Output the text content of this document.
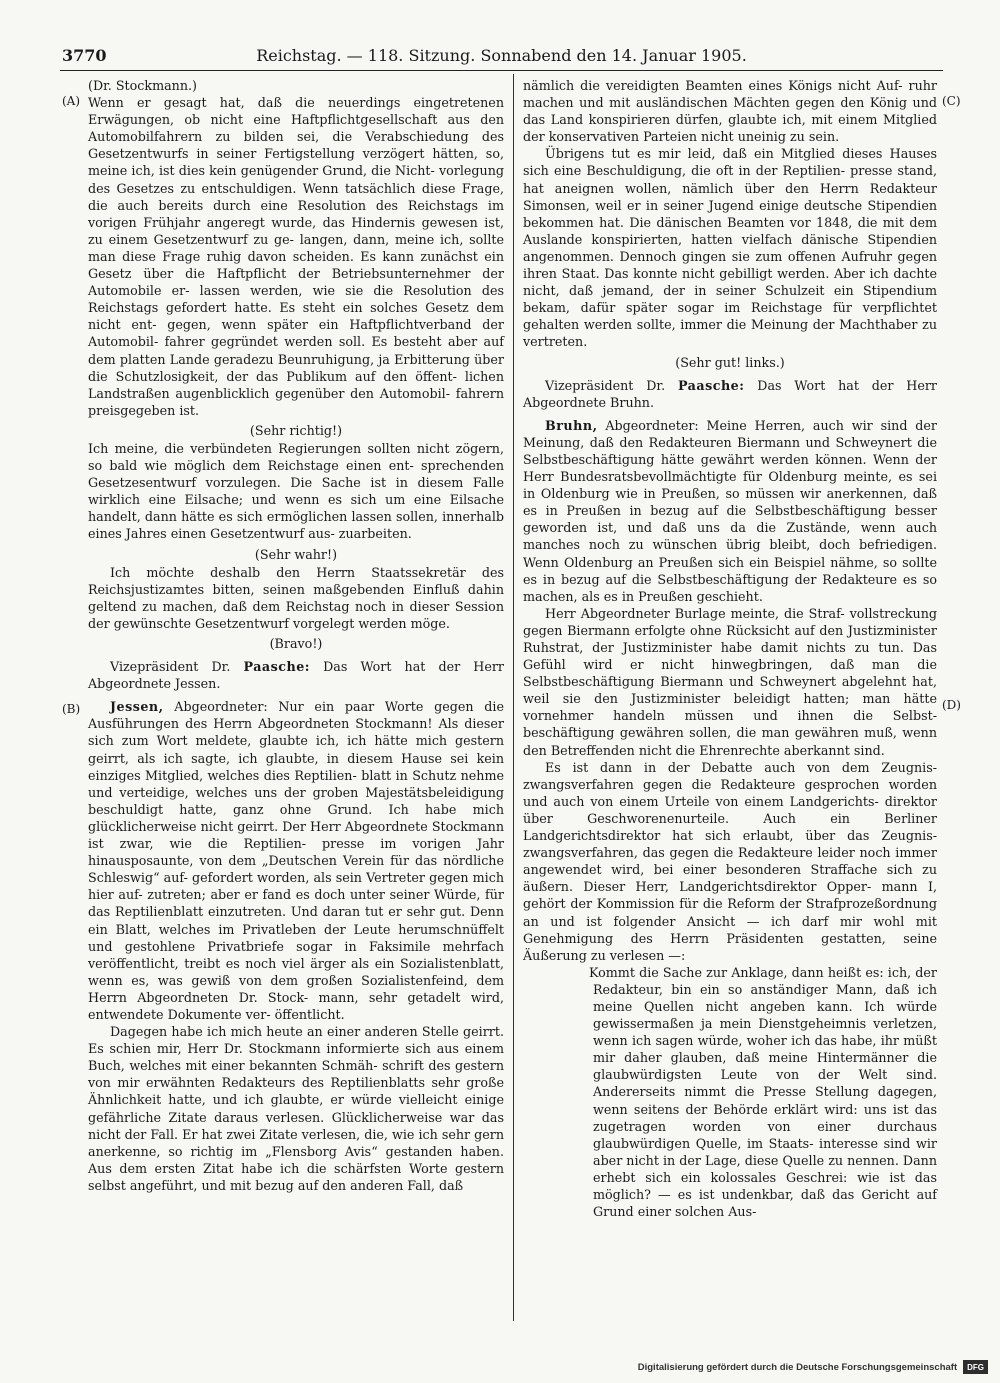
3770	Reichstag. — 118. Sitzung. Sonnabend den 14. Januar 1905.
(A)
(B)
(C)
(D)

(Dr. Stockmann.)

Wenn er gesagt hat, daß die neuerdings eingetretenen Erwägungen, ob nicht eine Haftpflichtgesellschaft aus den Automobilfahrern zu bilden sei, die Verabschiedung des Gesetzentwurfs in seiner Fertigstellung verzögert hätten, so, meine ich, ist dies kein genügender Grund, die Nicht- vorlegung des Gesetzes zu entschuldigen. Wenn tatsächlich diese Frage, die auch bereits durch eine Resolution des Reichstags im vorigen Frühjahr angeregt wurde, das Hindernis gewesen ist, zu einem Gesetzentwurf zu ge- langen, dann, meine ich, sollte man diese Frage ruhig davon scheiden. Es kann zunächst ein Gesetz über die Haftpflicht der Betriebsunternehmer der Automobile er- lassen werden, wie sie die Resolution des Reichstags gefordert hatte. Es steht ein solches Gesetz dem nicht ent- gegen, wenn später ein Haftpflichtverband der Automobil- fahrer gegründet werden soll. Es besteht aber auf dem platten Lande geradezu Beunruhigung, ja Erbitterung über die Schutzlosigkeit, der das Publikum auf den öffent- lichen Landstraßen augenblicklich gegenüber den Automobil- fahrern preisgegeben ist.

(Sehr richtig!)

Ich meine, die verbündeten Regierungen sollten nicht zögern, so bald wie möglich dem Reichstage einen ent- sprechenden Gesetzesentwurf vorzulegen. Die Sache ist in diesem Falle wirklich eine Eilsache; und wenn es sich um eine Eilsache handelt, dann hätte es sich ermöglichen lassen sollen, innerhalb eines Jahres einen Gesetzentwurf aus- zuarbeiten.

(Sehr wahr!)

Ich möchte deshalb den Herrn Staatssekretär des Reichsjustizamtes bitten, seinen maßgebenden Einfluß dahin geltend zu machen, daß dem Reichstag noch in dieser Session der gewünschte Gesetzentwurf vorgelegt werden möge.

(Bravo!)

Vizepräsident Dr. Paasche: Das Wort hat der Herr Abgeordnete Jessen.

Jessen, Abgeordneter: Nur ein paar Worte gegen die Ausführungen des Herrn Abgeordneten Stockmann! Als dieser sich zum Wort meldete, glaubte ich, ich hätte mich gestern geirrt, als ich sagte, ich glaubte, in diesem Hause sei kein einziges Mitglied, welches dies Reptilien- blatt in Schutz nehme und verteidige, welches uns der groben Majestätsbeleidigung beschuldigt hatte, ganz ohne Grund. Ich habe mich glücklicherweise nicht geirrt. Der Herr Abgeordnete Stockmann ist zwar, wie die Reptilien- presse im vorigen Jahr hinausposaunte, von dem „Deutschen Verein für das nördliche Schleswig“ auf- gefordert worden, als sein Vertreter gegen mich hier auf- zutreten; aber er fand es doch unter seiner Würde, für das Reptilienblatt einzutreten. Und daran tut er sehr gut. Denn ein Blatt, welches im Privatleben der Leute herumschnüffelt und gestohlene Privatbriefe sogar in Faksimile mehrfach veröffentlicht, treibt es noch viel ärger als ein Sozialistenblatt, wenn es, was gewiß von dem großen Sozialistenfeind, dem Herrn Abgeordneten Dr. Stock- mann, sehr getadelt wird, entwendete Dokumente ver- öffentlicht.

Dagegen habe ich mich heute an einer anderen Stelle geirrt. Es schien mir, Herr Dr. Stockmann informierte sich aus einem Buch, welches mit einer bekannten Schmäh- schrift des gestern von mir erwähnten Redakteurs des Reptilienblatts sehr große Ähnlichkeit hatte, und ich glaubte, er würde vielleicht einige gefährliche Zitate daraus verlesen. Glücklicherweise war das nicht der Fall. Er hat zwei Zitate verlesen, die, wie ich sehr gern anerkenne, so richtig im „Flensborg Avis“ gestanden haben. Aus dem ersten Zitat habe ich die schärfsten Worte gestern selbst angeführt, und mit bezug auf den anderen Fall, daß

nämlich die vereidigten Beamten eines Königs nicht Auf- ruhr machen und mit ausländischen Mächten gegen den König und das Land konspirieren dürfen, glaubte ich, mit einem Mitglied der konservativen Parteien nicht uneinig zu sein.

Übrigens tut es mir leid, daß ein Mitglied dieses Hauses sich eine Beschuldigung, die oft in der Reptilien- presse stand, hat aneignen wollen, nämlich über den Herrn Redakteur Simonsen, weil er in seiner Jugend einige deutsche Stipendien bekommen hat. Die dänischen Beamten vor 1848, die mit dem Auslande konspirierten, hatten vielfach dänische Stipendien angenommen. Dennoch gingen sie zum offenen Aufruhr gegen ihren Staat. Das konnte nicht gebilligt werden. Aber ich dachte nicht, daß jemand, der in seiner Schulzeit ein Stipendium bekam, dafür später sogar im Reichstage für verpflichtet gehalten werden sollte, immer die Meinung der Machthaber zu vertreten.

(Sehr gut! links.)

Vizepräsident Dr. Paasche: Das Wort hat der Herr Abgeordnete Bruhn.

Bruhn, Abgeordneter: Meine Herren, auch wir sind der Meinung, daß den Redakteuren Biermann und Schweynert die Selbstbeschäftigung hätte gewährt werden können. Wenn der Herr Bundesratsbevollmächtigte für Oldenburg meinte, es sei in Oldenburg wie in Preußen, so müssen wir anerkennen, daß es in Preußen in bezug auf die Selbstbeschäftigung besser geworden ist, und daß uns da die Zustände, wenn auch manches noch zu wünschen übrig bleibt, doch befriedigen. Wenn Oldenburg an Preußen sich ein Beispiel nähme, so sollte es in bezug auf die Selbstbeschäftigung der Redakteure es so machen, als es in Preußen geschieht.

Herr Abgeordneter Burlage meinte, die Straf- vollstreckung gegen Biermann erfolgte ohne Rücksicht auf den Justizminister Ruhstrat, der Justizminister habe damit nichts zu tun. Das Gefühl wird er nicht hinwegbringen, daß man die Selbstbeschäftigung Biermann und Schweynert abgelehnt hat, weil sie den Justizminister beleidigt hatten; man hätte vornehmer handeln müssen und ihnen die Selbst- beschäftigung gewähren sollen, die man gewähren muß, wenn den Betreffenden nicht die Ehrenrechte aberkannt sind.

Es ist dann in der Debatte auch von dem Zeugnis- zwangsverfahren gegen die Redakteure gesprochen worden und auch von einem Urteile von einem Landgerichts- direktor über Geschworenenurteile. Auch ein Berliner Landgerichtsdirektor hat sich erlaubt, über das Zeugnis- zwangsverfahren, das gegen die Redakteure leider noch immer angewendet wird, bei einer besonderen Straffache sich zu äußern. Dieser Herr, Landgerichtsdirektor Opper- mann I, gehört der Kommission für die Reform der Strafprozeßordnung an und ist folgender Ansicht — ich darf mir wohl mit Genehmigung des Herrn Präsidenten gestatten, seine Äußerung zu verlesen —:

Kommt die Sache zur Anklage, dann heißt es: ich, der Redakteur, bin ein so anständiger Mann, daß ich meine Quellen nicht angeben kann. Ich würde gewissermaßen ja mein Dienstgeheimnis verletzen, wenn ich sagen würde, woher ich das habe, ihr müßt mir daher glauben, daß meine Hintermänner die glaubwürdigsten Leute von der Welt sind. Andererseits nimmt die Presse Stellung dagegen, wenn seitens der Behörde erklärt wird: uns ist das zugetragen worden von einer durchaus glaubwürdigen Quelle, im Staats- interesse sind wir aber nicht in der Lage, diese Quelle zu nennen. Dann erhebt sich ein kolossales Geschrei: wie ist das möglich? — es ist undenkbar, daß das Gericht auf Grund einer solchen Aus-

Digitalisierung gefördert durch die Deutsche Forschungsgemeinschaft	DFG
